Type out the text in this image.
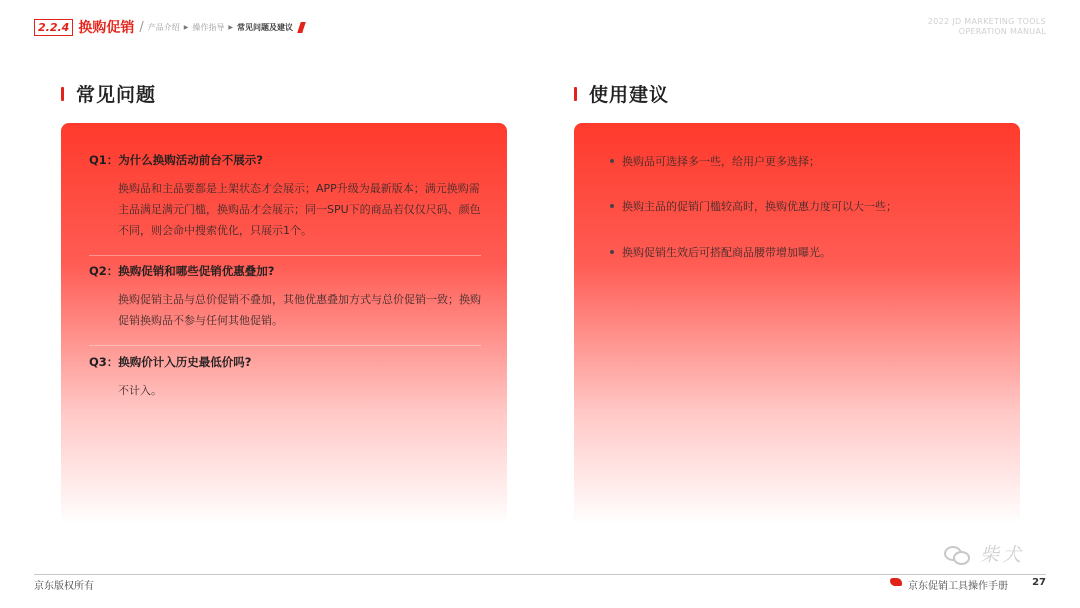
2.2.4 换购促销 / 产品介绍 ▶ 操作指导 ▶ 常见问题及建议
2022 JD MARKETING TOOLS
OPERATION MANUAL
常见问题	使用建议

Q1：为什么换购活动前台不展示?

换购品和主品要都是上架状态才会展示；APP升级为最新版本；满元换购需主品满足满元门槛，换购品才会展示；同一SPU下的商品若仅仅尺码、颜色不同，则会命中搜索优化，只展示1个。

Q2：换购促销和哪些促销优惠叠加?

换购促销主品与总价促销不叠加，其他优惠叠加方式与总价促销一致；换购促销换购品不参与任何其他促销。

Q3：换购价计入历史最低价吗?

不计入。
换购品可选择多一些，给用户更多选择；
换购主品的促销门槛较高时，换购优惠力度可以大一些；
换购促销生效后可搭配商品腰带增加曝光。
柴犬
京东版权所有	京东促销工具操作手册 27
